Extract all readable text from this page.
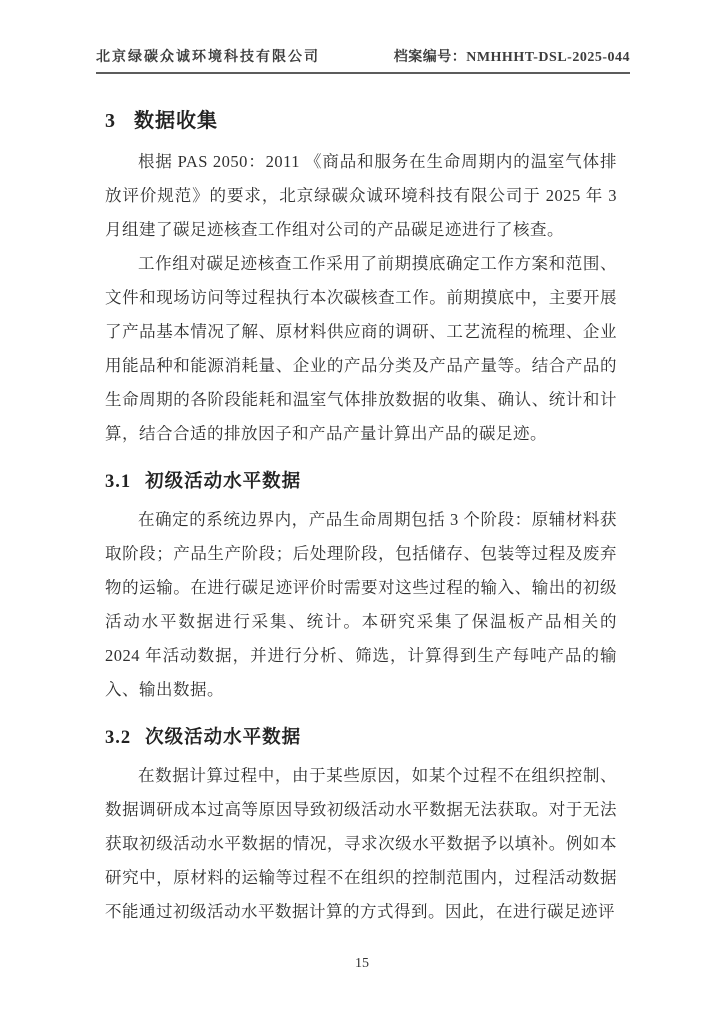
北京绿碳众诚环境科技有限公司	档案编号：NMHHHT-DSL-2025-044
3 数据收集

根据 PAS 2050：2011 《商品和服务在生命周期内的温室气体排放评价规范》的要求，北京绿碳众诚环境科技有限公司于 2025 年 3 月组建了碳足迹核查工作组对公司的产品碳足迹进行了核查。

工作组对碳足迹核查工作采用了前期摸底确定工作方案和范围、文件和现场访问等过程执行本次碳核查工作。前期摸底中，主要开展了产品基本情况了解、原材料供应商的调研、工艺流程的梳理、企业用能品种和能源消耗量、企业的产品分类及产品产量等。结合产品的生命周期的各阶段能耗和温室气体排放数据的收集、确认、统计和计算，结合合适的排放因子和产品产量计算出产品的碳足迹。

3.1 初级活动水平数据

在确定的系统边界内，产品生命周期包括 3 个阶段：原辅材料获取阶段；产品生产阶段；后处理阶段，包括储存、包装等过程及废弃物的运输。在进行碳足迹评价时需要对这些过程的输入、输出的初级活动水平数据进行采集、统计。本研究采集了保温板产品相关的 2024 年活动数据，并进行分析、筛选，计算得到生产每吨产品的输入、输出数据。

3.2 次级活动水平数据

在数据计算过程中，由于某些原因，如某个过程不在组织控制、数据调研成本过高等原因导致初级活动水平数据无法获取。对于无法获取初级活动水平数据的情况，寻求次级水平数据予以填补。例如本研究中，原材料的运输等过程不在组织的控制范围内，过程活动数据不能通过初级活动水平数据计算的方式得到。因此，在进行碳足迹评

15
